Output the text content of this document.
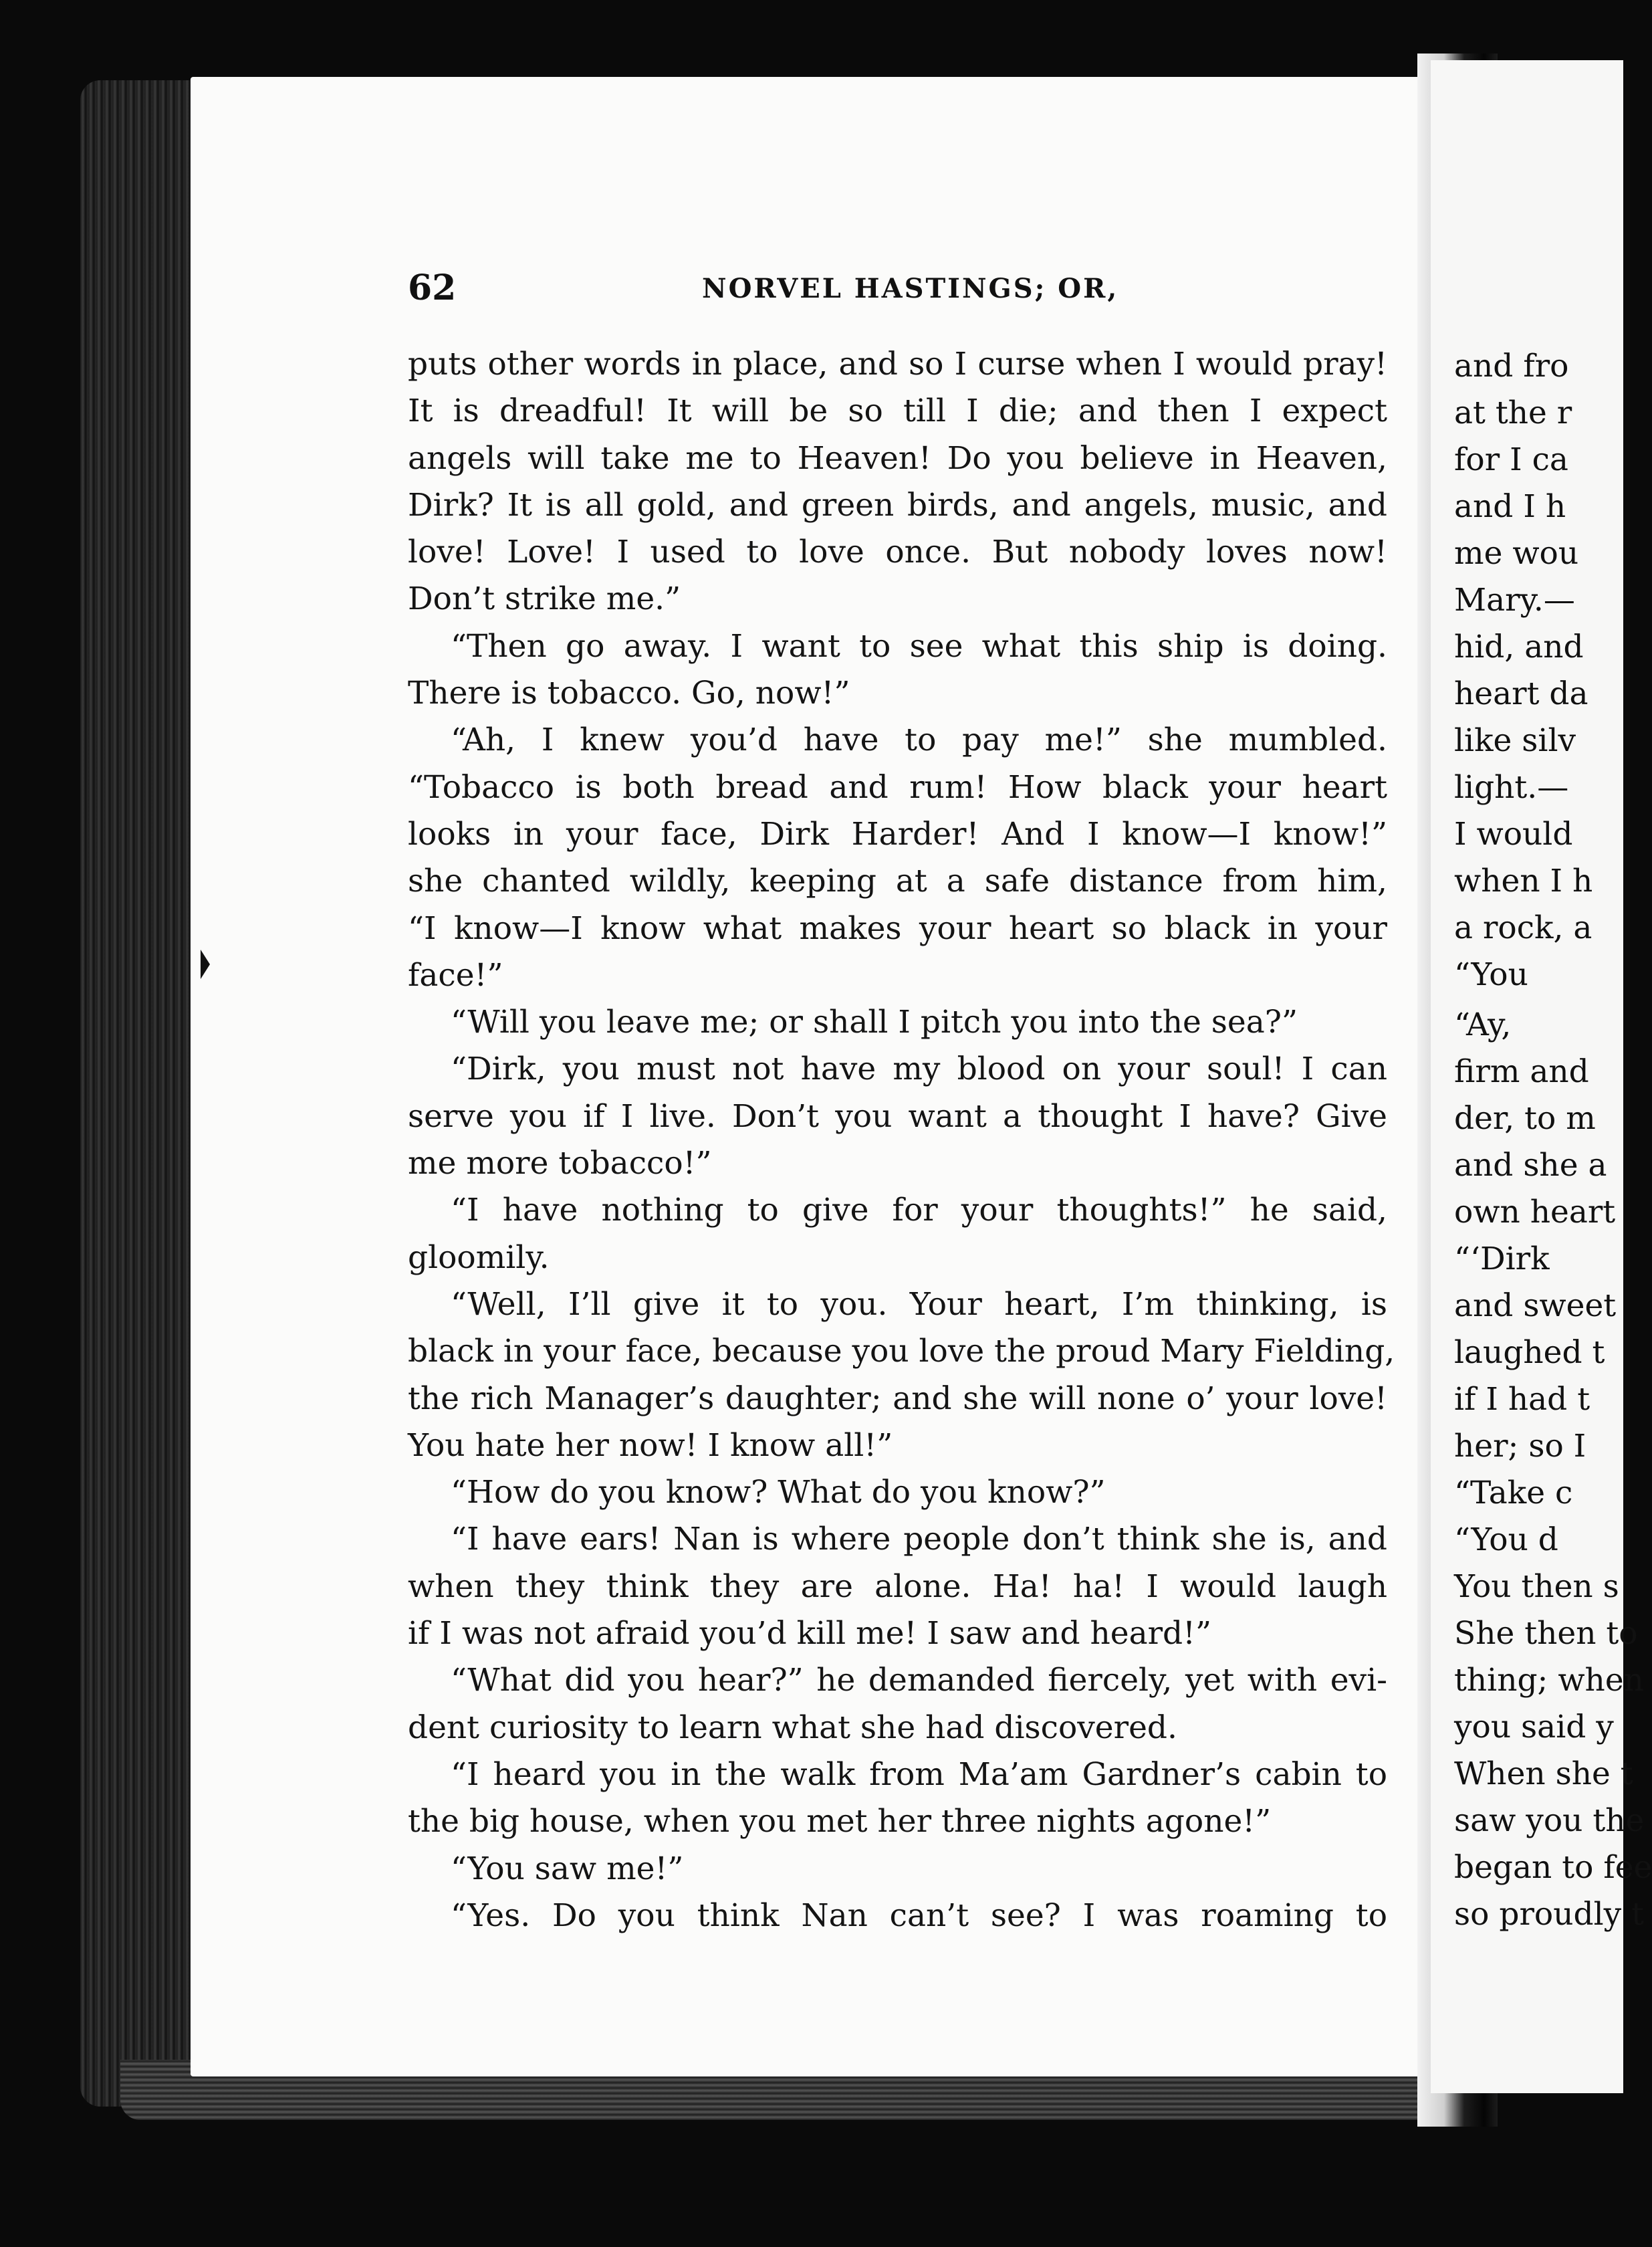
and fro
at the r
for I ca
and I h
me wou
Mary.—
hid, and
heart da
like silv
light.—
I would
when I h
a rock, a
“You
“Ay,
firm and
der, to m
and she a
own heart
“‘Dirk
and sweet
laughed t
if I had t
her; so I
“Take c
“You d
You then s
She then to
thing; when
you said y
When she t
saw you the
began to fee
so proudly t
62	NORVEL HASTINGS; OR,
puts other words in place, and so I curse when I would pray!
It is dreadful! It will be so till I die; and then I expect
angels will take me to Heaven! Do you believe in Heaven,
Dirk? It is all gold, and green birds, and angels, music, and
love! Love! I used to love once. But nobody loves now!
Don’t strike me.”
“Then go away. I want to see what this ship is doing.
There is tobacco. Go, now!”
“Ah, I knew you’d have to pay me!” she mumbled.
“Tobacco is both bread and rum! How black your heart
looks in your face, Dirk Harder! And I know—I know!”
she chanted wildly, keeping at a safe distance from him,
“I know—I know what makes your heart so black in your
face!”
“Will you leave me; or shall I pitch you into the sea?”
“Dirk, you must not have my blood on your soul! I can
serve you if I live. Don’t you want a thought I have? Give
me more tobacco!”
“I have nothing to give for your thoughts!” he said,
gloomily.
“Well, I’ll give it to you. Your heart, I’m thinking, is
black in your face, because you love the proud Mary Fielding,
the rich Manager’s daughter; and she will none o’ your love!
You hate her now! I know all!”
“How do you know? What do you know?”
“I have ears! Nan is where people don’t think she is, and
when they think they are alone. Ha! ha! I would laugh
if I was not afraid you’d kill me! I saw and heard!”
“What did you hear?” he demanded fiercely, yet with evi-
dent curiosity to learn what she had discovered.
“I heard you in the walk from Ma’am Gardner’s cabin to
the big house, when you met her three nights agone!”
“You saw me!”
“Yes. Do you think Nan can’t see? I was roaming to
